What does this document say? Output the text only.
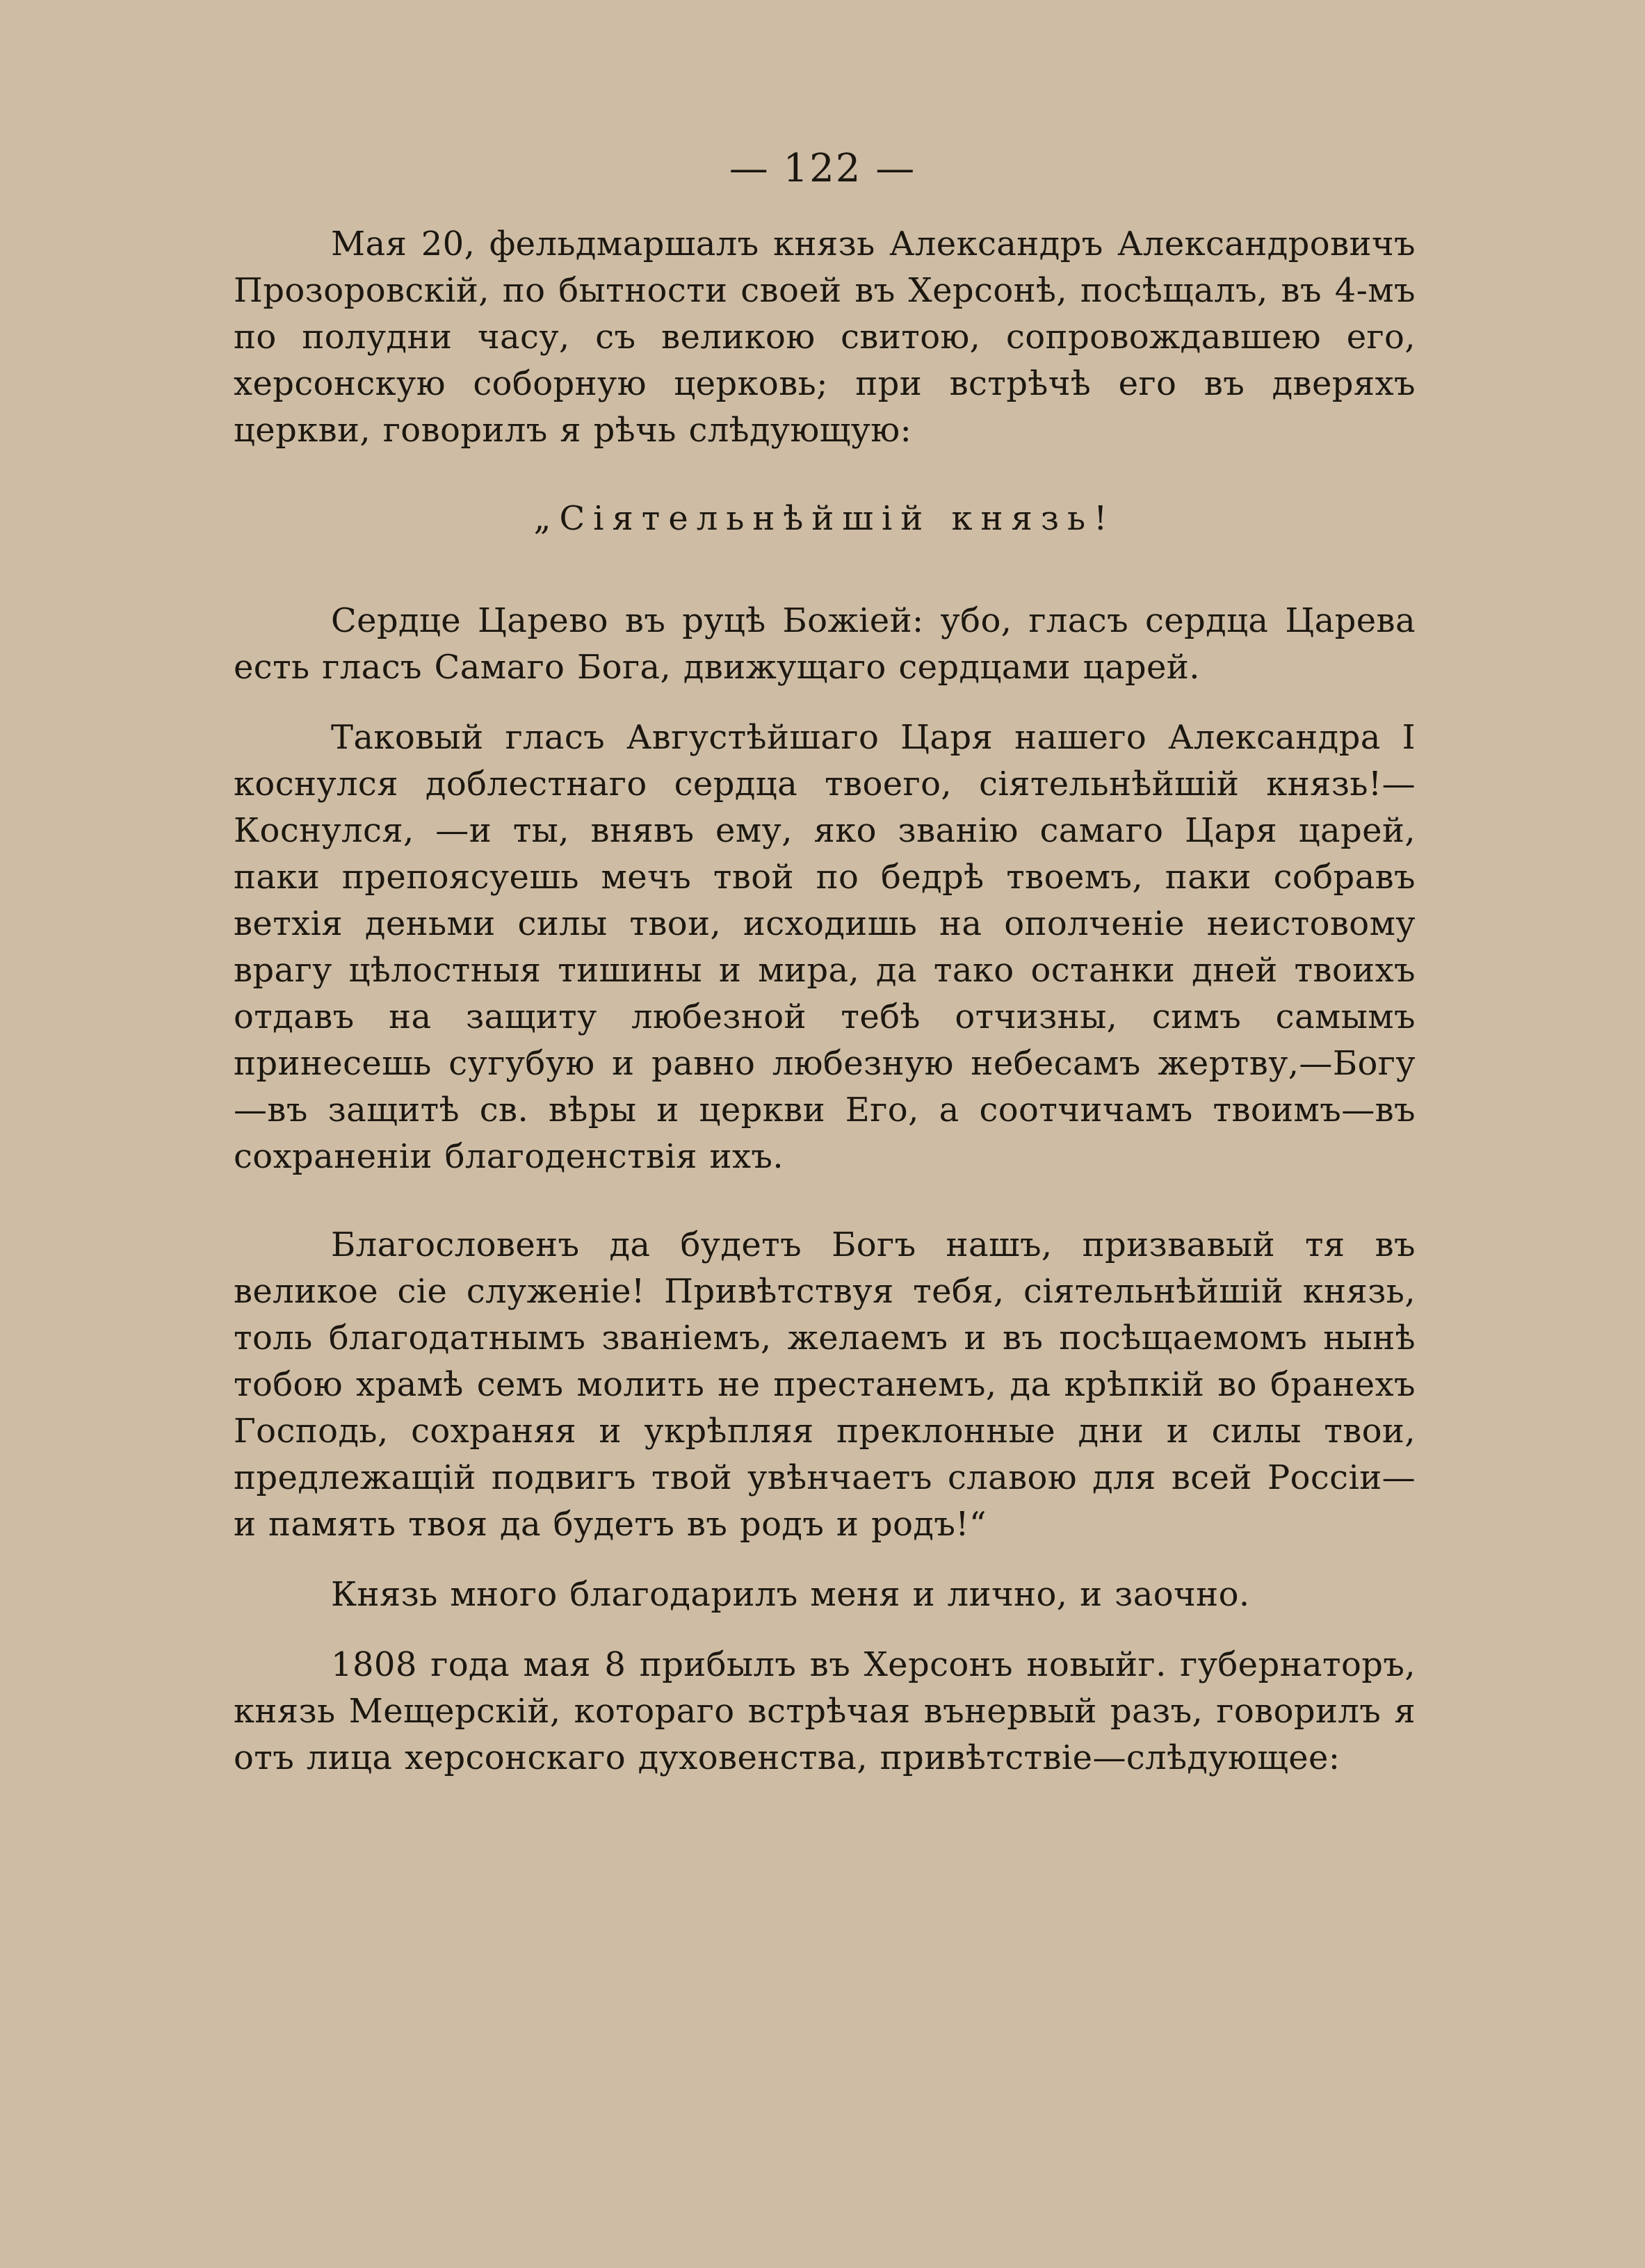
— 122 —

Мая 20, фельдмаршалъ князь Александръ Александровичъ Прозоровскій, по бытности своей въ Херсонѣ, посѣщалъ, въ 4-мъ по полудни часу, съ великою свитою, сопровождавшею его, херсонскую соборную церковь; при встрѣчѣ его въ дверяхъ церкви, говорилъ я рѣчь слѣдующую:

„Сіятельнѣйшій князь!

Сердце Царево въ руцѣ Божіей: убо, гласъ сердца Царева есть гласъ Самаго Бога, движущаго сердцами царей.

Таковый гласъ Августѣйшаго Царя нашего Александра I коснулся доблестнаго сердца твоего, сіятельнѣйшій князь!—Коснулся, —и ты, внявъ ему, яко званію самаго Царя царей, паки препоясуешь мечъ твой по бедрѣ твоемъ, паки собравъ ветхія деньми силы твои, исходишь на ополченіе неистовому врагу цѣлостныя тишины и мира, да тако останки дней твоихъ отдавъ на защиту любезной тебѣ отчизны, симъ самымъ принесешь сугубую и равно любезную небесамъ жертву,—Богу—въ защитѣ св. вѣры и церкви Его, а соотчичамъ твоимъ—въ сохраненіи благоденствія ихъ.

Благословенъ да будетъ Богъ нашъ, призвавый тя въ великое сіе служеніе! Привѣтствуя тебя, сіятельнѣйшій князь, толь благодатнымъ званіемъ, желаемъ и въ посѣщаемомъ нынѣ тобою храмѣ семъ молить не престанемъ, да крѣпкій во бранехъ Господь, сохраняя и укрѣпляя преклонные дни и силы твои, предлежащій подвигъ твой увѣнчаетъ славою для всей Россіи—и память твоя да будетъ въ родъ и родъ!“

Князь много благодарилъ меня и лично, и заочно.

1808 года мая 8 прибылъ въ Херсонъ новыйг. губернаторъ, князь Мещерскій, котораго встрѣчая вънервый разъ, говорилъ я отъ лица херсонскаго духовенства, привѣтствіе—слѣдующее:
